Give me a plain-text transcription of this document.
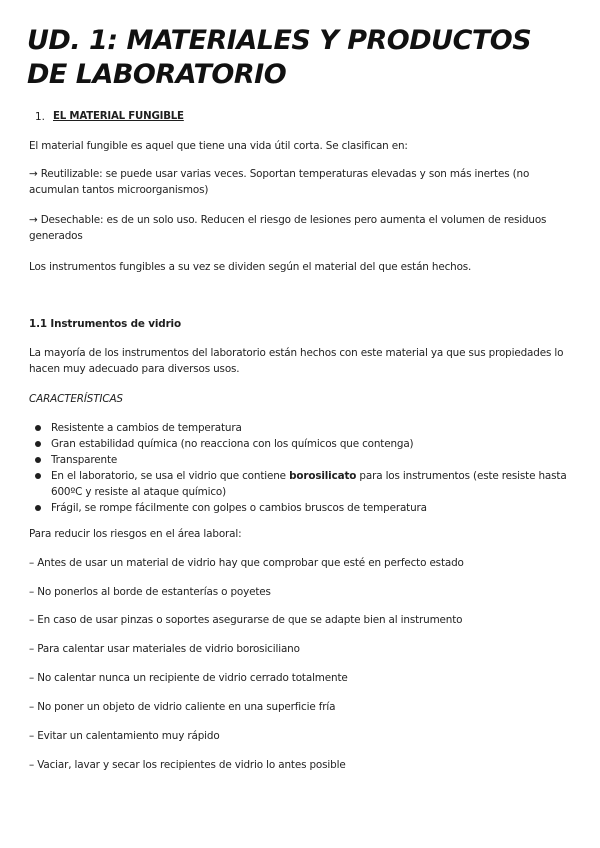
UD. 1: MATERIALES Y PRODUCTOS DE LABORATORIO
1. EL MATERIAL FUNGIBLE

El material fungible es aquel que tiene una vida útil corta. Se clasifican en:

→ Reutilizable: se puede usar varias veces. Soportan temperaturas elevadas y son más inertes (no acumulan tantos microorganismos)

→ Desechable: es de un solo uso. Reducen el riesgo de lesiones pero aumenta el volumen de residuos generados

Los instrumentos fungibles a su vez se dividen según el material del que están hechos.

1.1 Instrumentos de vidrio

La mayoría de los instrumentos del laboratorio están hechos con este material ya que sus propiedades lo hacen muy adecuado para diversos usos.

CARACTERÍSTICAS

Resistente a cambios de temperatura
Gran estabilidad química (no reacciona con los químicos que contenga)
Transparente
En el laboratorio, se usa el vidrio que contiene borosilicato para los instrumentos (este resiste hasta 600ºC y resiste al ataque químico)
Frágil, se rompe fácilmente con golpes o cambios bruscos de temperatura

Para reducir los riesgos en el área laboral:

– Antes de usar un material de vidrio hay que comprobar que esté en perfecto estado

– No ponerlos al borde de estanterías o poyetes

– En caso de usar pinzas o soportes asegurarse de que se adapte bien al instrumento

– Para calentar usar materiales de vidrio borosiciliano

– No calentar nunca un recipiente de vidrio cerrado totalmente

– No poner un objeto de vidrio caliente en una superficie fría

– Evitar un calentamiento muy rápido

– Vaciar, lavar y secar los recipientes de vidrio lo antes posible
